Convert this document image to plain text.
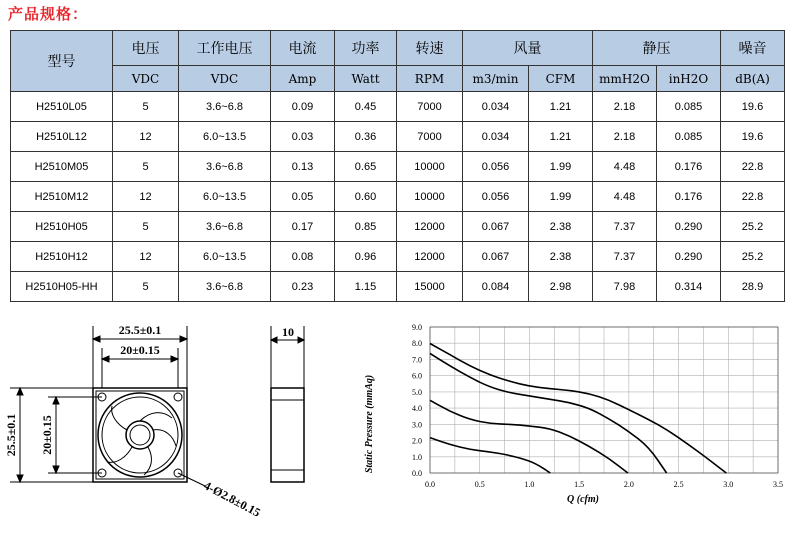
产品规格：
型号	电压	工作电压	电流	功率	转速	风量		静压		噪音
	VDC	VDC	Amp	Watt	RPM	m3/min	CFM	mmH2O	inH2O	dB(A)
H2510L05	5	3.6~6.8	0.09	0.45	7000	0.034	1.21	2.18	0.085	19.6
H2510L12	12	6.0~13.5	0.03	0.36	7000	0.034	1.21	2.18	0.085	19.6
H2510M05	5	3.6~6.8	0.13	0.65	10000	0.056	1.99	4.48	0.176	22.8
H2510M12	12	6.0~13.5	0.05	0.60	10000	0.056	1.99	4.48	0.176	22.8
H2510H05	5	3.6~6.8	0.17	0.85	12000	0.067	2.38	7.37	0.290	25.2
H2510H12	12	6.0~13.5	0.08	0.96	12000	0.067	2.38	7.37	0.290	25.2
H2510H05-HH	5	3.6~6.8	0.23	1.15	15000	0.084	2.98	7.98	0.314	28.9
25.5±0.1
20±0.15
25.5±0.1 20±0.15
10
4-Ø2.8±0.15
0.0
1.0
2.0
3.0
4.0
5.0
6.0
7.0
8.0
9.0
0.0	0.5	1.0	1.5	2.0	2.5	3.0	3.5
Static Pressure (mmAq)
Q (cfm)
